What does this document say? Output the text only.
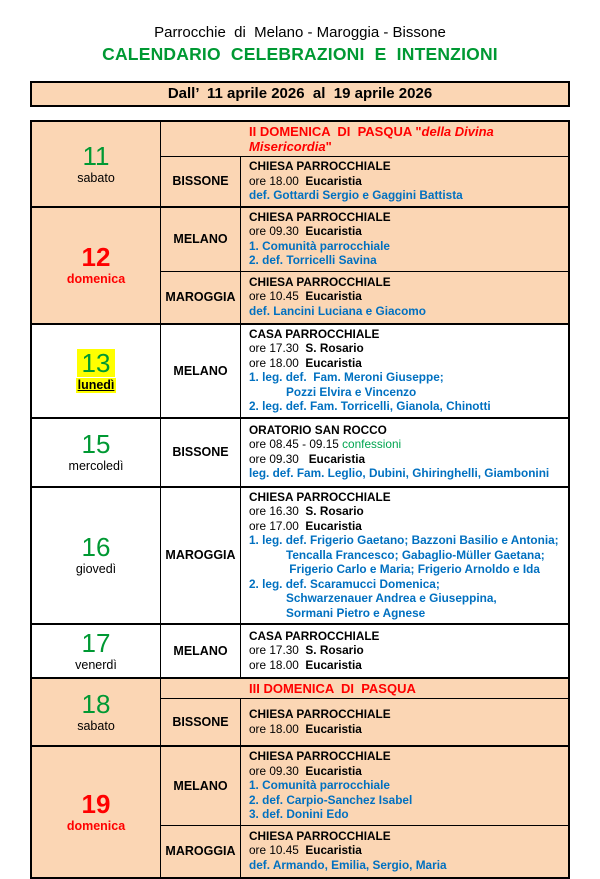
Parrocchie  di  Melano - Maroggia - Bissone
CALENDARIO  CELEBRAZIONI  E  INTENZIONI
Dall’  11 aprile 2026  al  19 aprile 2026
11
sabato
II DOMENICA  DI  PASQUA "della Divina Misericordia"
BISSONE
CHIESA PARROCCHIALE
ore 18.00  Eucaristia
def. Gottardi Sergio e Gaggini Battista
12
domenica
MELANO
CHIESA PARROCCHIALE
ore 09.30  Eucaristia
1. Comunità parrocchiale
2. def. Torricelli Savina
MAROGGIA
CHIESA PARROCCHIALE
ore 10.45  Eucaristia
def. Lancini Luciana e Giacomo
13
lunedì
MELANO
CASA PARROCCHIALE
ore 17.30  S. Rosario
ore 18.00  Eucaristia
1. leg. def.  Fam. Meroni Giuseppe;
Pozzi Elvira e Vincenzo
2. leg. def. Fam. Torricelli, Gianola, Chinotti
15
mercoledì
BISSONE
ORATORIO SAN ROCCO
ore 08.45 - 09.15 confessioni
ore 09.30   Eucaristia
leg. def. Fam. Leglio, Dubini, Ghiringhelli, Giambonini
16
giovedì
MAROGGIA
CHIESA PARROCCHIALE
ore 16.30  S. Rosario
ore 17.00  Eucaristia
1. leg. def. Frigerio Gaetano; Bazzoni Basilio e Antonia;
Tencalla Francesco; Gabaglio-Müller Gaetana;
Frigerio Carlo e Maria; Frigerio Arnoldo e Ida
2. leg. def. Scaramucci Domenica;
Schwarzenauer Andrea e Giuseppina,
Sormani Pietro e Agnese
17
venerdì
MELANO
CASA PARROCCHIALE
ore 17.30  S. Rosario
ore 18.00  Eucaristia
18
sabato
III DOMENICA  DI  PASQUA
BISSONE
CHIESA PARROCCHIALE
ore 18.00  Eucaristia
19
domenica
MELANO
CHIESA PARROCCHIALE
ore 09.30  Eucaristia
1. Comunità parrocchiale
2. def. Carpio-Sanchez Isabel
3. def. Donini Edo
MAROGGIA
CHIESA PARROCCHIALE
ore 10.45  Eucaristia
def. Armando, Emilia, Sergio, Maria
